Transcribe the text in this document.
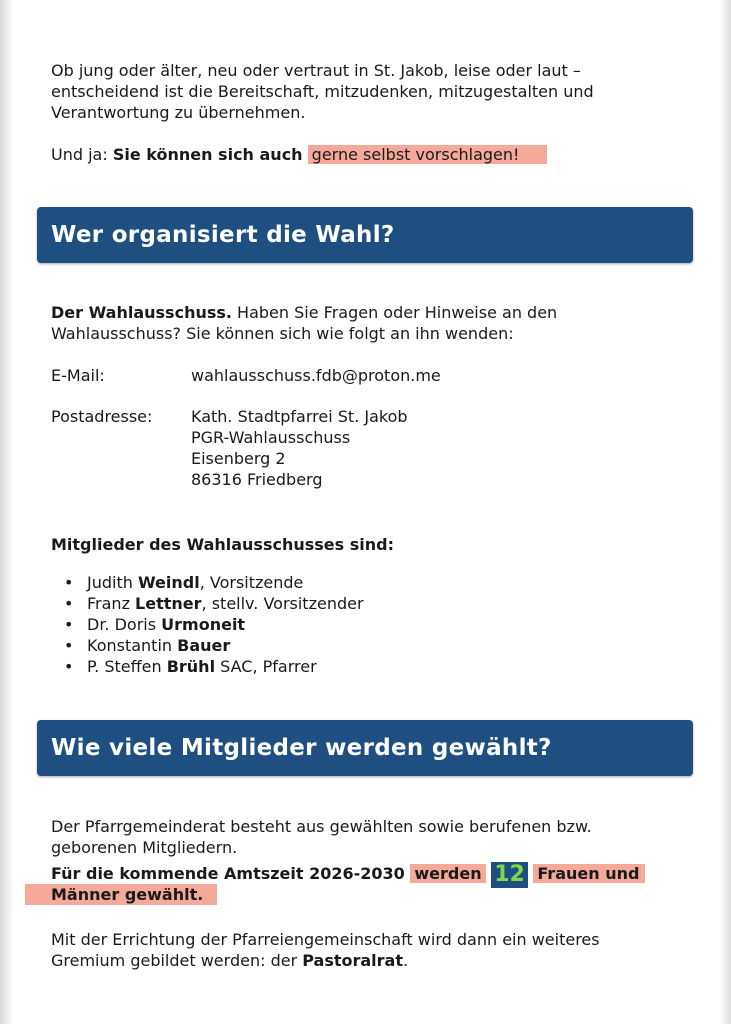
Ob jung oder älter, neu oder vertraut in St. Jakob, leise oder laut –
entscheidend ist die Bereitschaft, mitzudenken, mitzugestalten und
Verantwortung zu übernehmen.

Und ja: Sie können sich auch gerne selbst vorschlagen!

Wer organisiert die Wahl?

Der Wahlausschuss. Haben Sie Fragen oder Hinweise an den
Wahlausschuss? Sie können sich wie folgt an ihn wenden:

E-Mail:	wahlausschuss.fdb@proton.me
Postadresse: Kath. Stadtpfarrei St. Jakob
PGR-Wahlausschuss
Eisenberg 2
86316 Friedberg

Mitglieder des Wahlausschusses sind:

• Judith Weindl, Vorsitzende
• Franz Lettner, stellv. Vorsitzender
• Dr. Doris Urmoneit
• Konstantin Bauer
• P. Steffen Brühl SAC, Pfarrer
Wie viele Mitglieder werden gewählt?

Der Pfarrgemeinderat besteht aus gewählten sowie berufenen bzw.
geborenen Mitgliedern.

Für die kommende Amtszeit 2026-2030 werden 12 Frauen und

Männer gewählt.

Mit der Errichtung der Pfarreiengemeinschaft wird dann ein weiteres
Gremium gebildet werden: der Pastoralrat.
